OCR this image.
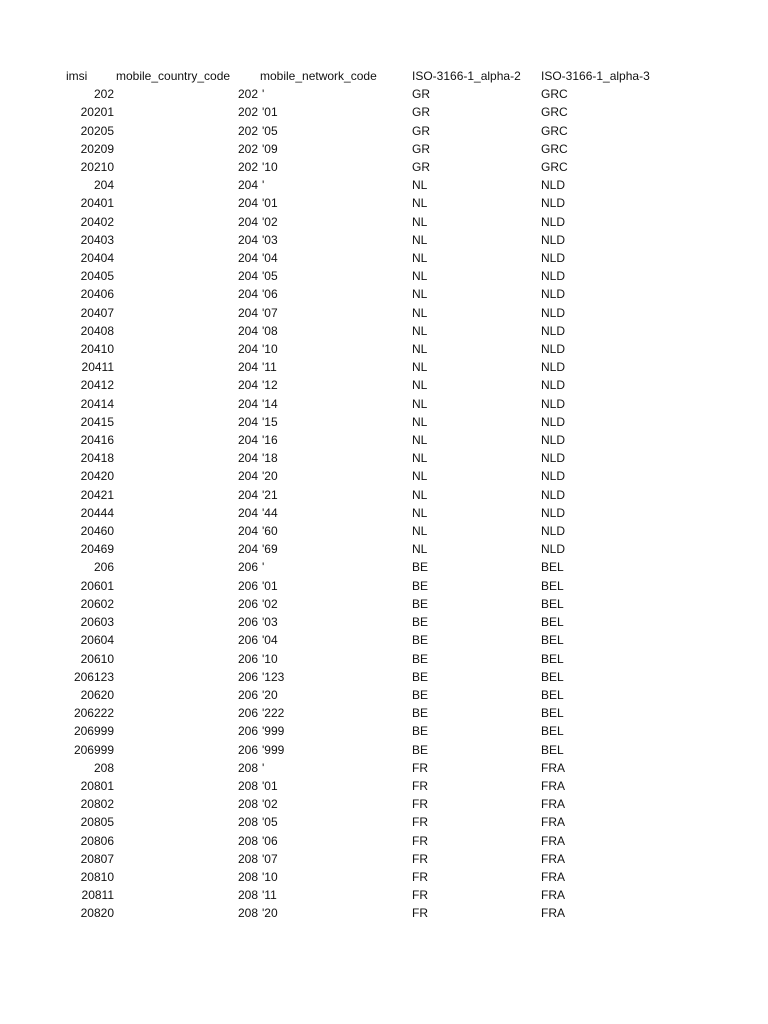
imsi	mobile_country_code	mobile_network_code	ISO-3166-1_alpha-2	ISO-3166-1_alpha-3
202	202	'	GR	GRC
20201	202	'01	GR	GRC
20205	202	'05	GR	GRC
20209	202	'09	GR	GRC
20210	202	'10	GR	GRC
204	204	'	NL	NLD
20401	204	'01	NL	NLD
20402	204	'02	NL	NLD
20403	204	'03	NL	NLD
20404	204	'04	NL	NLD
20405	204	'05	NL	NLD
20406	204	'06	NL	NLD
20407	204	'07	NL	NLD
20408	204	'08	NL	NLD
20410	204	'10	NL	NLD
20411	204	'11	NL	NLD
20412	204	'12	NL	NLD
20414	204	'14	NL	NLD
20415	204	'15	NL	NLD
20416	204	'16	NL	NLD
20418	204	'18	NL	NLD
20420	204	'20	NL	NLD
20421	204	'21	NL	NLD
20444	204	'44	NL	NLD
20460	204	'60	NL	NLD
20469	204	'69	NL	NLD
206	206	'	BE	BEL
20601	206	'01	BE	BEL
20602	206	'02	BE	BEL
20603	206	'03	BE	BEL
20604	206	'04	BE	BEL
20610	206	'10	BE	BEL
206123	206	'123	BE	BEL
20620	206	'20	BE	BEL
206222	206	'222	BE	BEL
206999	206	'999	BE	BEL
206999	206	'999	BE	BEL
208	208	'	FR	FRA
20801	208	'01	FR	FRA
20802	208	'02	FR	FRA
20805	208	'05	FR	FRA
20806	208	'06	FR	FRA
20807	208	'07	FR	FRA
20810	208	'10	FR	FRA
20811	208	'11	FR	FRA
20820	208	'20	FR	FRA
